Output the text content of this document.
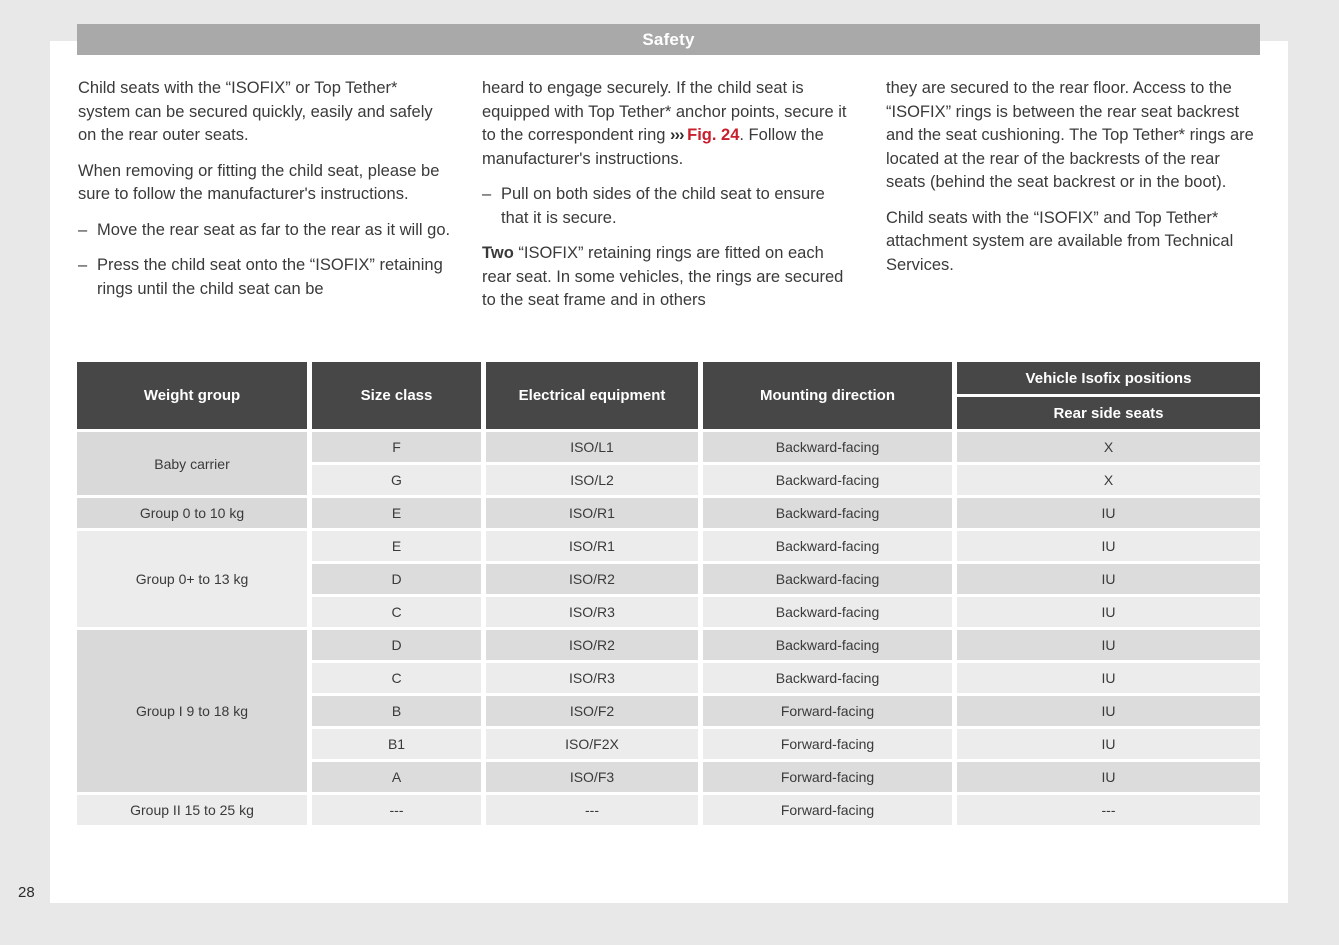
Safety

Child seats with the “ISOFIX” or Top Tether* system can be secured quickly, easily and safely on the rear outer seats.

When removing or fitting the child seat, please be sure to follow the manufacturer's instructions.

– Move the rear seat as far to the rear as it will go.
– Press the child seat onto the “ISOFIX” retaining rings until the child seat can be

heard to engage securely. If the child seat is equipped with Top Tether* anchor points, secure it to the correspondent ring ››› Fig. 24. Follow the manufacturer's instructions.

– Pull on both sides of the child seat to ensure that it is secure.

Two “ISOFIX” retaining rings are fitted on each rear seat. In some vehicles, the rings are secured to the seat frame and in others

they are secured to the rear floor. Access to the “ISOFIX” rings is between the rear seat backrest and the seat cushioning. The Top Tether* rings are located at the rear of the backrests of the rear seats (behind the seat backrest or in the boot).

Child seats with the “ISOFIX” and Top Tether* attachment system are available from Technical Services.

Weight group	Size class	Electrical equipment	Mounting direction	Vehicle Isofix positions
				Rear side seats
Baby carrier	F	ISO/L1	Backward-facing	X
	G	ISO/L2	Backward-facing	X
Group 0 to 10 kg	E	ISO/R1	Backward-facing	IU
Group 0+ to 13 kg	E	ISO/R1	Backward-facing	IU
	D	ISO/R2	Backward-facing	IU
	C	ISO/R3	Backward-facing	IU
Group I 9 to 18 kg	D	ISO/R2	Backward-facing	IU
	C	ISO/R3	Backward-facing	IU
	B	ISO/F2	Forward-facing	IU
	B1	ISO/F2X	Forward-facing	IU
	A	ISO/F3	Forward-facing	IU
Group II 15 to 25 kg	---	---	Forward-facing	---
28
